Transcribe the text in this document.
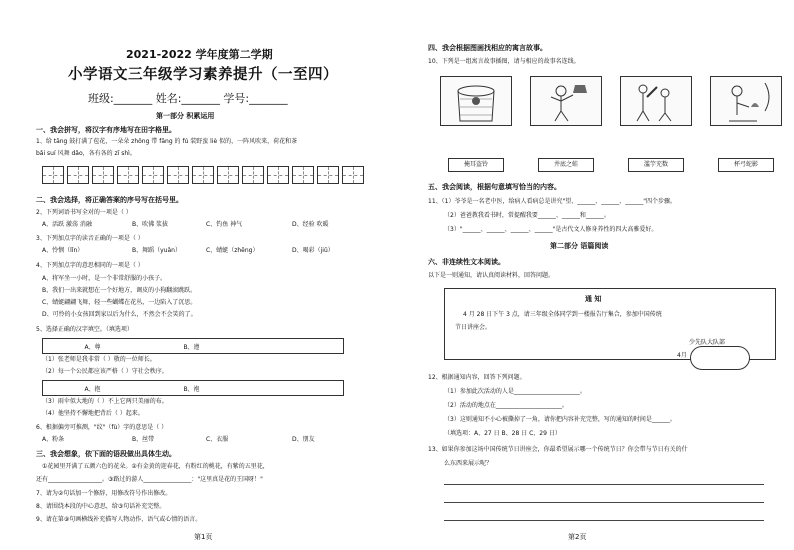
2021-2022 学年度第二学期
小学语文三年级学习素养提升（一至四）
班级:_______ 姓名:_______ 学号:_______
第一部分 积累运用
一、我会拼写，将汉字有序地写在田字格里。
1、给 tāng 鼓打满了苞花，一朵朵 zhǒng 带 fāng 的 fú 装野蛮 liè 似的，一阵风吹来，荷花和茶
bǎi suí 风舞 dǎo，各有各的 zī shì。
二、我会选择，将正确答案的序号写在括号里。
2、下列词语书写全对的一项是（ ）
A、活跃 激荡 消融	B、吹佛 浆拔	C、钓鱼 神气	D、经验 吹暖
3、下列加点字的读音正确的一项是（ ）
A、怜悯（lǐn）	B、舞蹈（yuǎn）	C、蜻蜓（zhēng）	D、喝彩（jiǔ）
4、下列加点字的意思相同的一项是（ ）
A、将军坐一小时，是一个非常舒服的小孩子。
B、我们一出来就想在一个好地方，调皮的小狗翻滚跳跃。
C、蜻蜓翩翩飞舞，轻一些蝴蝶在花丛，一边陷入了沉思。
D、可怜的小女孩回到家以后为什么，不然会不会笑的了。
5、选择正确的汉字填空。（填选项）
A、尊	B、遵
（1）张老师是我非常（ ）敬的一位师长。
（2）每一个公民都应该严格（ ）守社会秩序。
A、抱	B、袍
（3）雨伞似大地的（ ）不上它两只美丽的布。
（4）他坚持不懈地把背后（ ）起来。
6、根据偏旁可推测，"纹"（fù）字的意思是（ ）
A、粉条	B、丝带	C、衣服	D、朋友
三、我会想象，依下面的语段做出具体生动。
①花园里开满了五颜六色的花朵。②有金黄的迎春花，有粉红的桃花，有紫的五里花，
还有__________________。③路过的游人________________："这里真是花的王国呀！"
7、请为②句话加一个修辞，用修改符号作出修改。
8、请围绕本段的中心意思，给③句话补充完整。
9、请在第⑨句画横线补充描写人物动作、语气或心情的语言。
第1页
四、我会根据图画找相应的寓言故事。
10、下列是一组寓言故事插图，请与相应的故事名连线。
掩耳盗铃	井底之蛙	滥竽充数	杯弓蛇影
五、我会阅读，根据句意填写恰当的内容。
11、（1）爷爷是一名老中医，给病人看病总是讲究"望、______、______、______"四个步骤。
（2）爸爸教我看书时，常提醒我要______、______和______。
（3）"______、______、______、______"是古代文人修身养性的四大高雅爱好。
第二部分 语篇阅读
六、非连续性文本阅读。
以下是一则通知，请认真阅读材料，回答问题。
通 知
4 月 28 日下午 3 点，请三年级全体同学到一楼报告厅集合，参加中国传统
节日讲座会。
少先队大队部
4月
12、根据通知内容，回答下列问题。
（1）参加此次活动的人是______________________。
（2）活动的地点在______________________。
（3）这则通知不小心被撕掉了一角，请你把内容补充完整，写的通知的时间是______。
（填选项：A、27 日 B、28 日 C、29 日）
13、如果你参加这场中国传统节日讲座会，你最希望展示哪一个传统节日？你会带与节日有关的什
么东西来展示呢？
第2页
